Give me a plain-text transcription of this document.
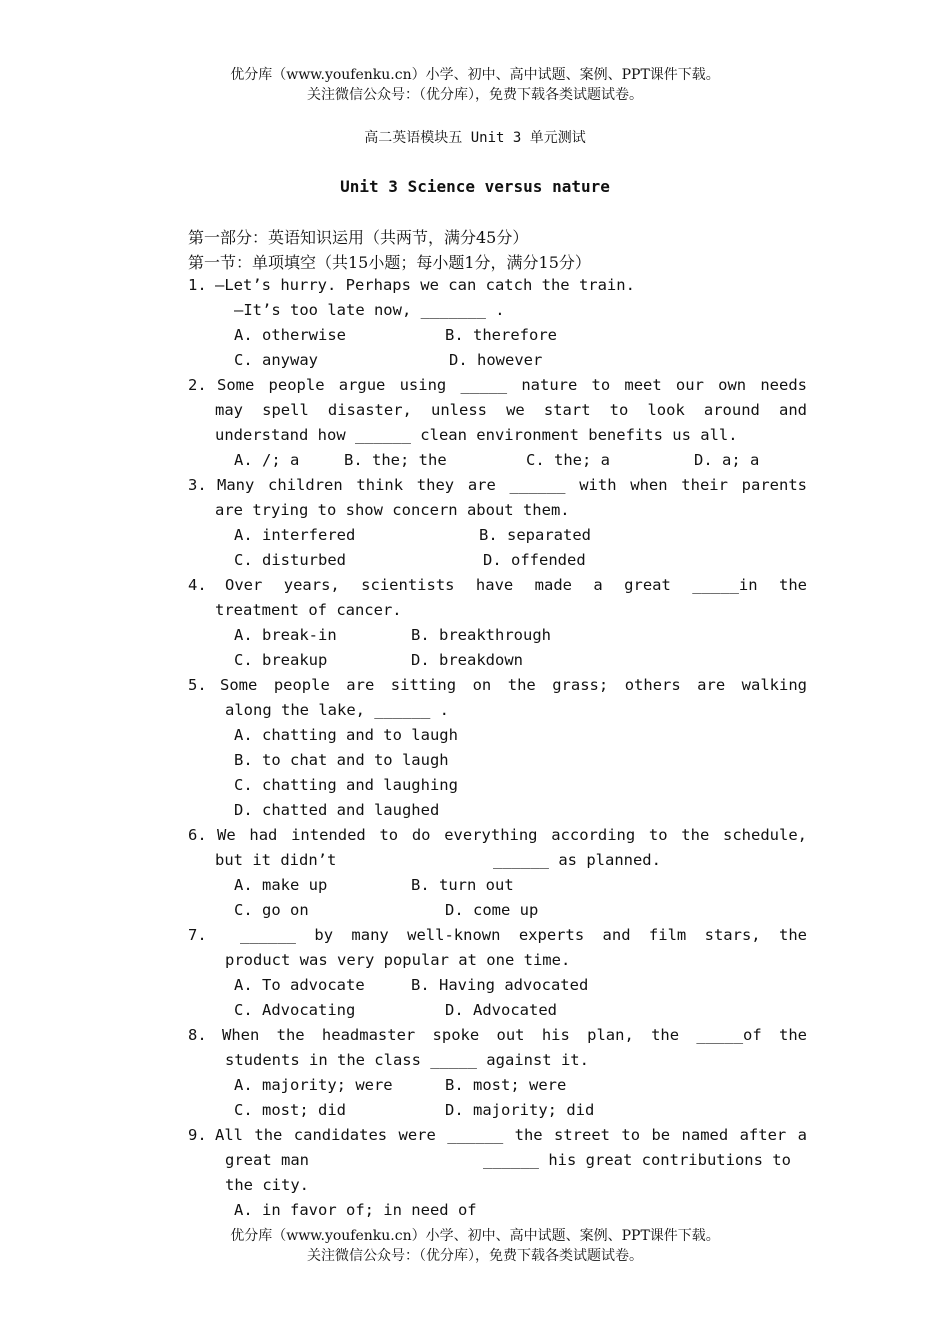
优分库（www.youfenku.cn）小学、初中、高中试题、案例、PPT课件下载。
关注微信公众号：（优分库），免费下载各类试题试卷。
高二英语模块五 Unit 3 单元测试
Unit 3 Science versus nature
第一部分：英语知识运用（共两节，满分45分）
第一节：单项填空（共15小题；每小题1分，满分15分）
1. —Let’s hurry. Perhaps we can catch the train.
—It’s too late now, _______ .
A. otherwise	B. therefore
C. anyway	D. however
2. Some people argue using _____ nature to meet our own needs
may spell disaster, unless we start to look around and
understand how ______ clean environment benefits us all.
A. /; a	B. the; the	C. the; a	D. a; a
3. Many children think they are ______ with when their parents
are trying to show concern about them.
A. interfered	B. separated
C. disturbed	D. offended
4. Over years, scientists have made a great _____in the
treatment of cancer.
A. break-in	B. breakthrough
C. breakup	D. breakdown
5. Some people are sitting on the grass; others are walking
along the lake, ______ .
A. chatting and to laugh
B. to chat and to laugh
C. chatting and laughing
D. chatted and laughed
6. We had intended to do everything according to the schedule,
but it didn’t	______ as planned.
A. make up	B. turn out
C. go on	D. come up
7. ______ by many well-known experts and film stars, the
product was very popular at one time.
A. To advocate	B. Having advocated
C. Advocating	D. Advocated
8. When the headmaster spoke out his plan, the _____of the
students in the class _____ against it.
A. majority; were	B. most; were
C. most; did	D. majority; did
9. All the candidates were ______ the street to be named after a
great man	______ his great contributions to
the city.
A. in favor of; in need of
优分库（www.youfenku.cn）小学、初中、高中试题、案例、PPT课件下载。
关注微信公众号：（优分库），免费下载各类试题试卷。
